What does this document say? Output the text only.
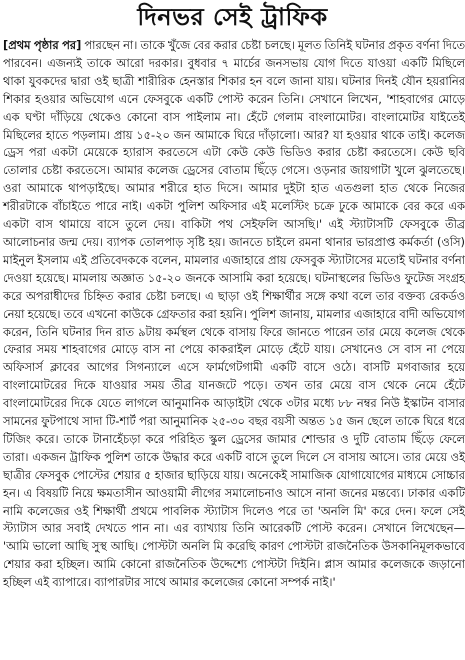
দিনভর সেই ট্রাফিক
[প্রথম পৃষ্ঠার পর] পারছেন না। তাকে খুঁজে বের করার চেষ্টা চলছে। মূলত তিনিই ঘটনার প্রকৃত বর্ণনা দিতে পারবেন। এজন্যই তাকে আরো দরকার। বুধবার ৭ মার্চের জনসভায় যোগ দিতে যাওয়া একটি মিছিলে থাকা যুবকদের দ্বারা ওই ছাত্রী শারীরিক হেনস্তার শিকার হন বলে জানা যায়। ঘটনার দিনই যৌন হয়রানির শিকার হওয়ার অভিযোগ এনে ফেসবুকে একটি পোস্ট করেন তিনি। সেখানে লিখেন, 'শাহবাগের মোড়ে এক ঘণ্টা দাঁড়িয়ে থেকেও কোনো বাস পাইলাম না। হেঁটে গেলাম বাংলামোটর। বাংলামোটর যাইতেই মিছিলের হাতে পড়লাম। প্রায় ১৫-২০ জন আমাকে ঘিরে দাঁড়ালো। আর? যা হওয়ার থাকে তাই। কলেজ ড্রেস পরা একটা মেয়েকে হ্যারাস করতেসে এটা কেউ কেউ ভিডিও করার চেষ্টা করতেসে। কেউ ছবি তোলার চেষ্টা করতেসে। আমার কলেজ ড্রেসের বোতাম ছিঁড়ে গেসে। ওড়নার জায়গাটা খুলে ঝুলতেছে। ওরা আমাকে থাপড়াইছে। আমার শরীরে হাত দিসে। আমার দুইটা হাত এতগুলা হাত থেকে নিজের শরীরটাকে বাঁচাইতে পারে নাই। একটা পুলিশ অফিসার এই মলেস্টিং চক্রে ঢুকে আমাকে বের করে এক একটা বাস থামায়ে বাসে তুলে দেয়। বাকিটা পথ সেইফলি আসছি।' এই স্ট্যাটাসটি ফেসবুকে তীব্র আলোচনার জন্ম দেয়। ব্যাপক তোলপাড় সৃষ্টি হয়। জানতে চাইলে রমনা থানার ভারপ্রাপ্ত কর্মকর্তা (ওসি) মাইনুল ইসলাম এই প্রতিবেদককে বলেন, মামলার এজাহারে প্রায় ফেসবুক স্ট্যাটাসের মতোই ঘটনার বর্ণনা দেওয়া হয়েছে। মামলায় অজ্ঞাত ১৫-২০ জনকে আসামি করা হয়েছে। ঘটনাস্থলের ভিডিও ফুটেজ সংগ্রহ করে অপরাধীদের চিহ্নিত করার চেষ্টা চলছে। এ ছাড়া ওই শিক্ষার্থীর সঙ্গে কথা বলে তার বক্তব্য রেকর্ডও নেয়া হয়েছে। তবে এখনো কাউকে গ্রেফতার করা হয়নি। পুলিশ জানায়, মামলার এজাহারে বাদী অভিযোগ করেন, তিনি ঘটনার দিন রাত ৯টায় কর্মস্থল থেকে বাসায় ফিরে জানতে পারেন তার মেয়ে কলেজ থেকে ফেরার সময় শাহবাগের মোড়ে বাস না পেয়ে কাকরাইল মোড়ে হেঁটে যায়। সেখানেও সে বাস না পেয়ে অফিসার্স ক্লাবের আগের সিগন্যালে এসে ফার্মগেটগামী একটি বাসে ওঠে। বাসটি মগবাজার হয়ে বাংলামোটরের দিকে যাওয়ার সময় তীব্র যানজটে পড়ে। তখন তার মেয়ে বাস থেকে নেমে হেঁটে বাংলামোটরের দিকে যেতে লাগলে আনুমানিক আড়াইটা থেকে ৩টার মধ্যে ৮৮ নম্বর নিউ ইস্কাটন বাসার সামনের ফুটপাথে সাদা টি-শার্ট পরা আনুমানিক ২৫-৩০ বছর বয়সী অন্তত ১৫ জন ছেলে তাকে ঘিরে ধরে টিজিং করে। তাকে টানাহেঁচড়া করে পরিহিত স্কুল ড্রেসের জামার শোল্ডার ও দুটি বোতাম ছিঁড়ে ফেলে তারা। একজন ট্রাফিক পুলিশ তাকে উদ্ধার করে একটি বাসে তুলে দিলে সে বাসায় আসে। তার মেয়ে ওই ছাত্রীর ফেসবুক পোস্টের শেয়ার ৫ হাজার ছাড়িয়ে যায়। অনেকেই সামাজিক যোগাযোগের মাধ্যমে সোচ্চার হন। এ বিষয়টি নিয়ে ক্ষমতাসীন আওয়ামী লীগের সমালোচনাও আসে নানা জনের মন্তব্যে। ঢাকার একটি নামি কলেজের ওই শিক্ষার্থী প্রথমে পাবলিক স্ট্যাটাস দিলেও পরে তা 'অনলি মি' করে দেন। ফলে সেই স্ট্যাটাস আর সবাই দেখতে পান না। এর ব্যাখ্যায় তিনি আরেকটি পোস্ট করেন। সেখানে লিখেছেন— 'আমি ভালো আছি সুস্থ আছি। পোস্টটা অনলি মি করেছি কারণ পোস্টটা রাজনৈতিক উসকানিমূলকভাবে শেয়ার করা হচ্ছিল। আমি কোনো রাজনৈতিক উদ্দেশ্যে পোস্টটা দিইনি। প্লাস আমার কলেজকে জড়ানো হচ্ছিল এই ব্যাপারে। ব্যাপারটার সাথে আমার কলেজের কোনো সম্পর্ক নাই।'
